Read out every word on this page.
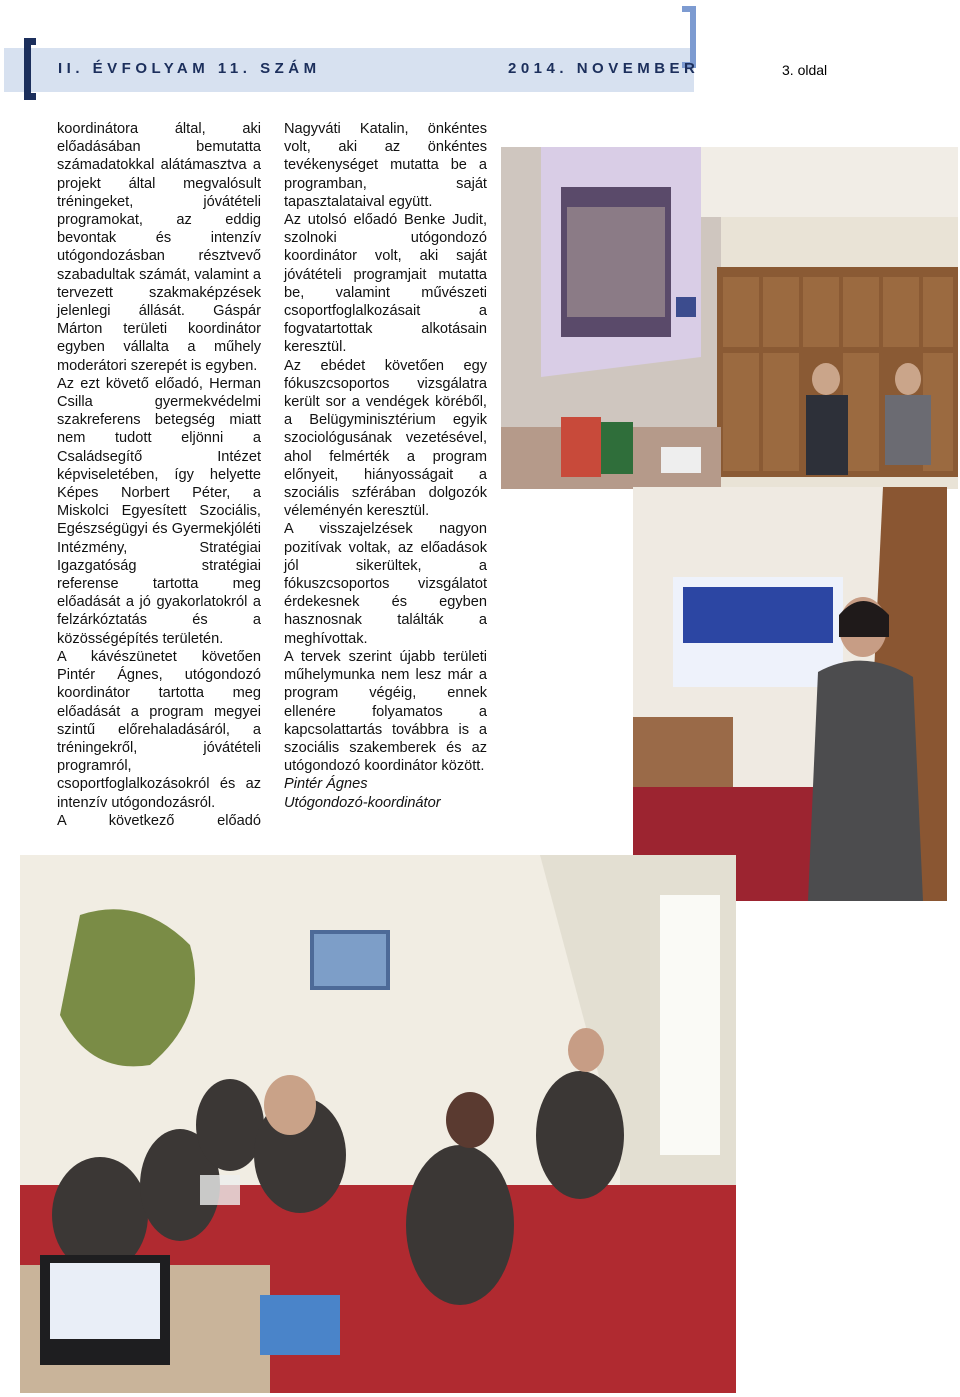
II. ÉVFOLYAM 11. SZÁM	2014. NOVEMBER	3. oldal

koordinátora által, aki előadásában bemutatta számadatokkal alátámasztva a projekt által megvalósult tréningeket, jóvátételi programokat, az eddig bevontak és intenzív utógondozásban résztvevő szabadultak számát, valamint a tervezett szakmaképzések jelenlegi állását. Gáspár Márton területi koordinátor egyben vállalta a műhely moderátori szerepét is egyben.

Az ezt követő előadó, Herman Csilla gyermekvédelmi szakreferens betegség miatt nem tudott eljönni a Családsegítő Intézet képviseletében, így helyette Képes Norbert Péter, a Miskolci Egyesített Szociális, Egészségügyi és Gyermekjóléti Intézmény, Stratégiai Igazgatóság stratégiai referense tartotta meg előadását a jó gyakorlatokról a felzárkóztatás és a közösségépítés területén.

A kávészünetet követően Pintér Ágnes, utógondozó koordinátor tartotta meg előadását a program megyei szintű előrehaladásáról, a tréningekről, jóvátételi programról, csoportfoglalkozásokról és az intenzív utógondozásról.

A következő előadó

Nagyváti Katalin, önkéntes volt, aki az önkéntes tevékenységet mutatta be a programban, saját tapasztalataival együtt.

Az utolsó előadó Benke Judit, szolnoki utógondozó koordinátor volt, aki saját jóvátételi programjait mutatta be, valamint művészeti csoportfoglalkozásait a fogvatartottak alkotásain keresztül.

Az ebédet követően egy fókuszcsoportos vizsgálatra került sor a vendégek köréből, a Belügyminisztérium egyik szociológusának vezetésével, ahol felmérték a program előnyeit, hiányosságait a szociális szférában dolgozók véleményén keresztül.

A visszajelzések nagyon pozitívak voltak, az előadások jól sikerültek, a fókuszcsoportos vizsgálatot érdekesnek és egyben hasznosnak találták a meghívottak.

A tervek szerint újabb területi műhelymunka nem lesz már a program végéig, ennek ellenére folyamatos a kapcsolattartás továbbra is a szociális szakemberek és az utógondozó koordinátor között.

Pintér Ágnes

Utógondozó-koordinátor
